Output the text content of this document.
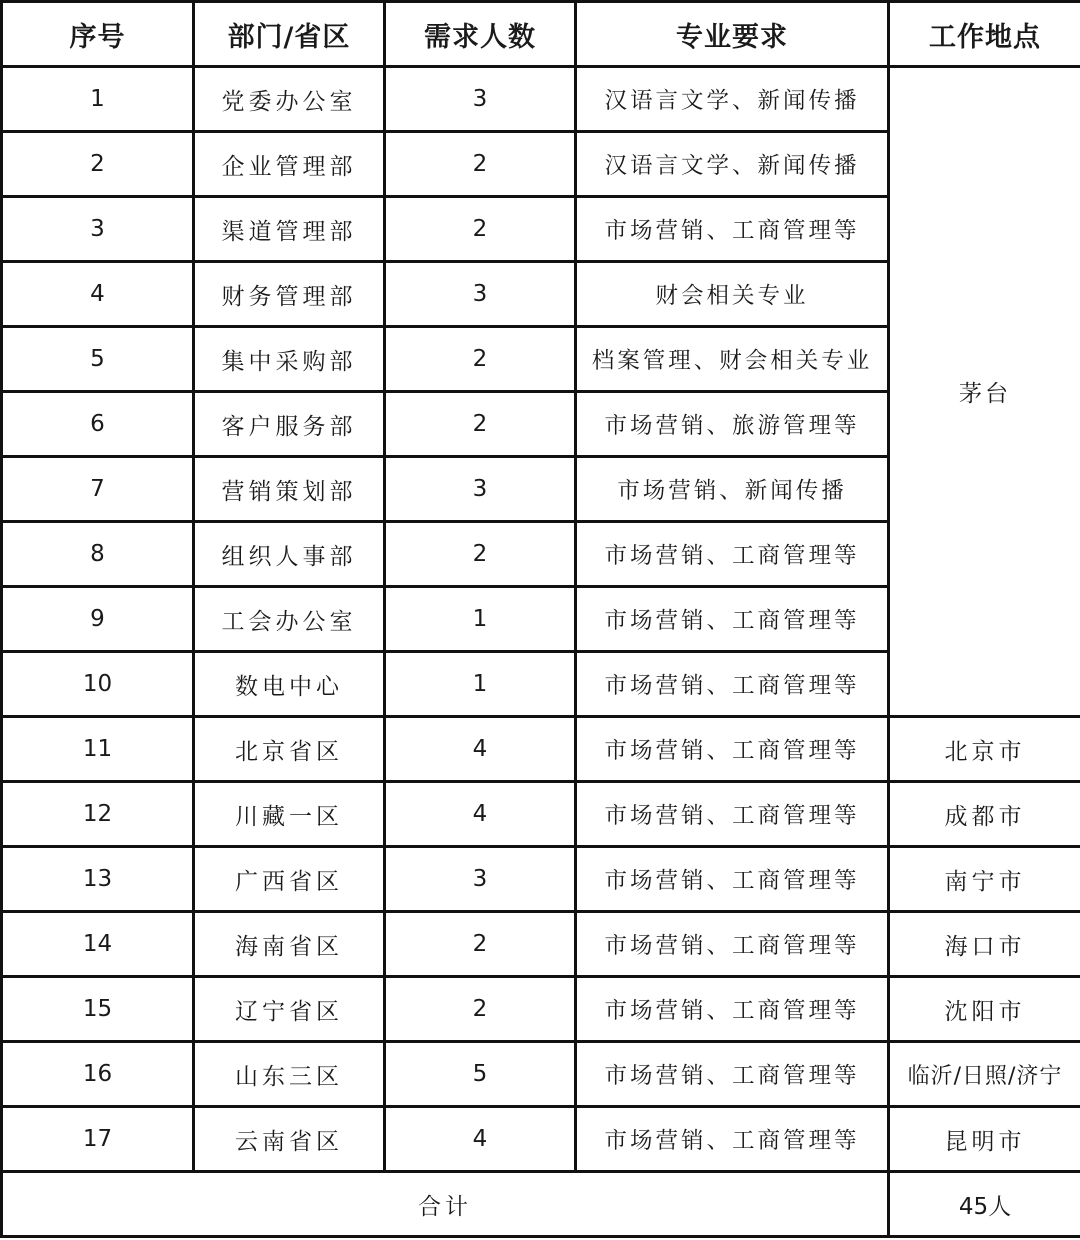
序号	部门/省区	需求人数	专业要求	工作地点
1	党委办公室	3	汉语言文学、新闻传播	茅台
2	企业管理部	2	汉语言文学、新闻传播	
3	渠道管理部	2	市场营销、工商管理等	
4	财务管理部	3	财会相关专业	
5	集中采购部	2	档案管理、财会相关专业	
6	客户服务部	2	市场营销、旅游管理等	
7	营销策划部	3	市场营销、新闻传播	
8	组织人事部	2	市场营销、工商管理等	
9	工会办公室	1	市场营销、工商管理等	
10	数电中心	1	市场营销、工商管理等	
11	北京省区	4	市场营销、工商管理等	北京市
12	川藏一区	4	市场营销、工商管理等	成都市
13	广西省区	3	市场营销、工商管理等	南宁市
14	海南省区	2	市场营销、工商管理等	海口市
15	辽宁省区	2	市场营销、工商管理等	沈阳市
16	山东三区	5	市场营销、工商管理等	临沂/日照/济宁
17	云南省区	4	市场营销、工商管理等	昆明市
合计				45人
